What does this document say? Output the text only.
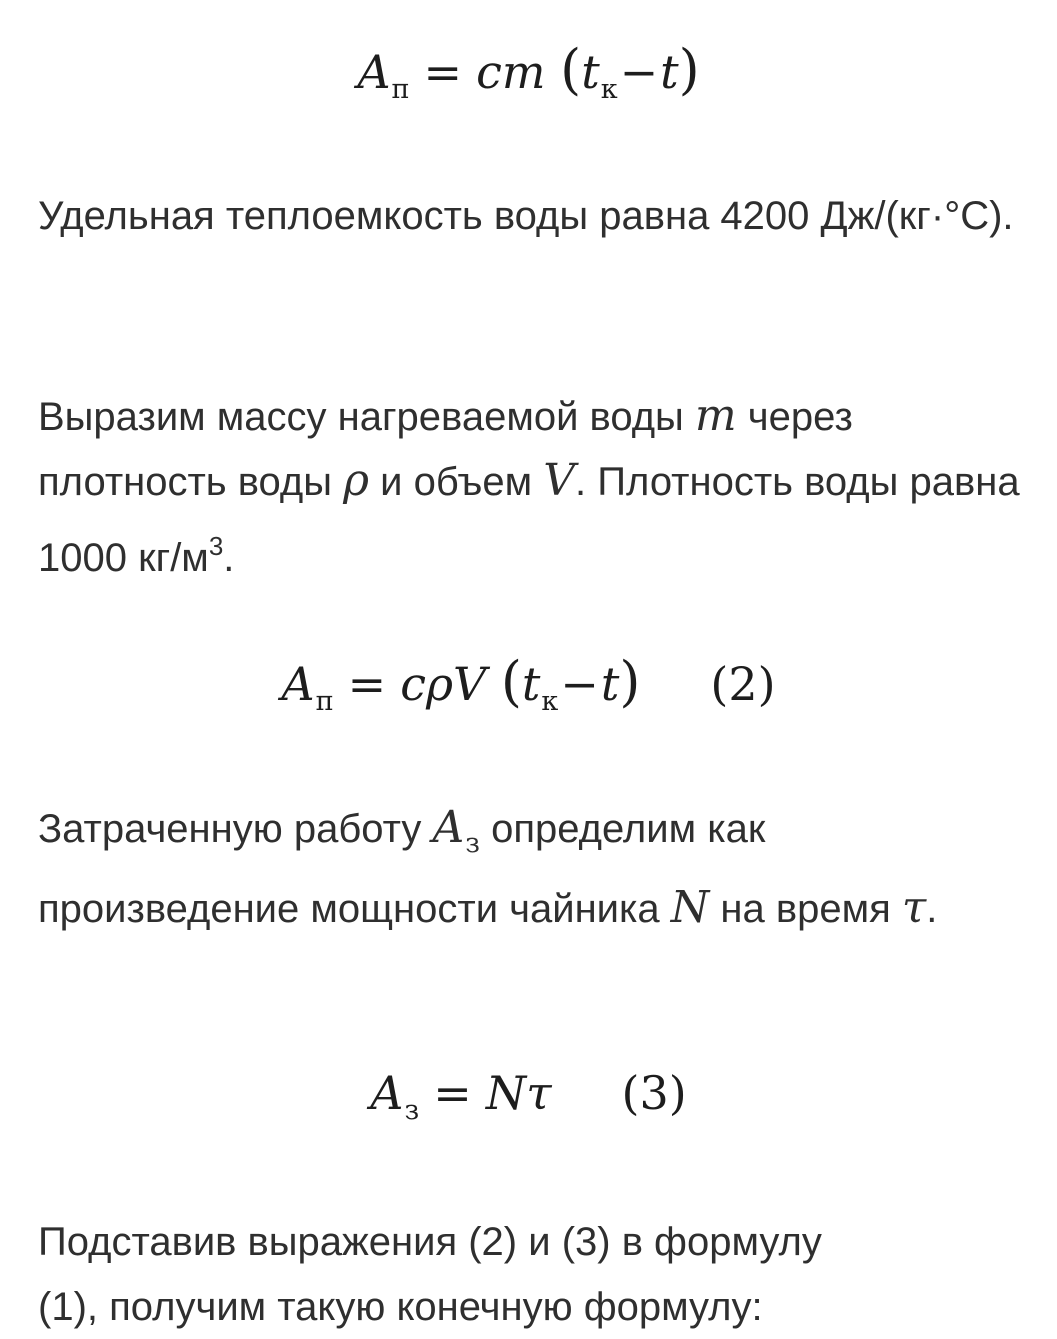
$A_п$ = cm $(t_к-t)$

Удельная теплоемкость воды равна 4200 Дж/(кг·°С).

Выразим массу нагреваемой воды m через плотность воды ρ и объем V. Плотность воды равна 1000 $кг/м^3$.

$A_п = c\rho V$ $(t_к-t)$ (2)

Затраченную работу $A_з$ определим как произведение мощности чайника N на время τ.

$A_з = N\tau$ (3)

Подставив выражения (2) и (3) в формулу

(1), получим такую конечную формулу:
